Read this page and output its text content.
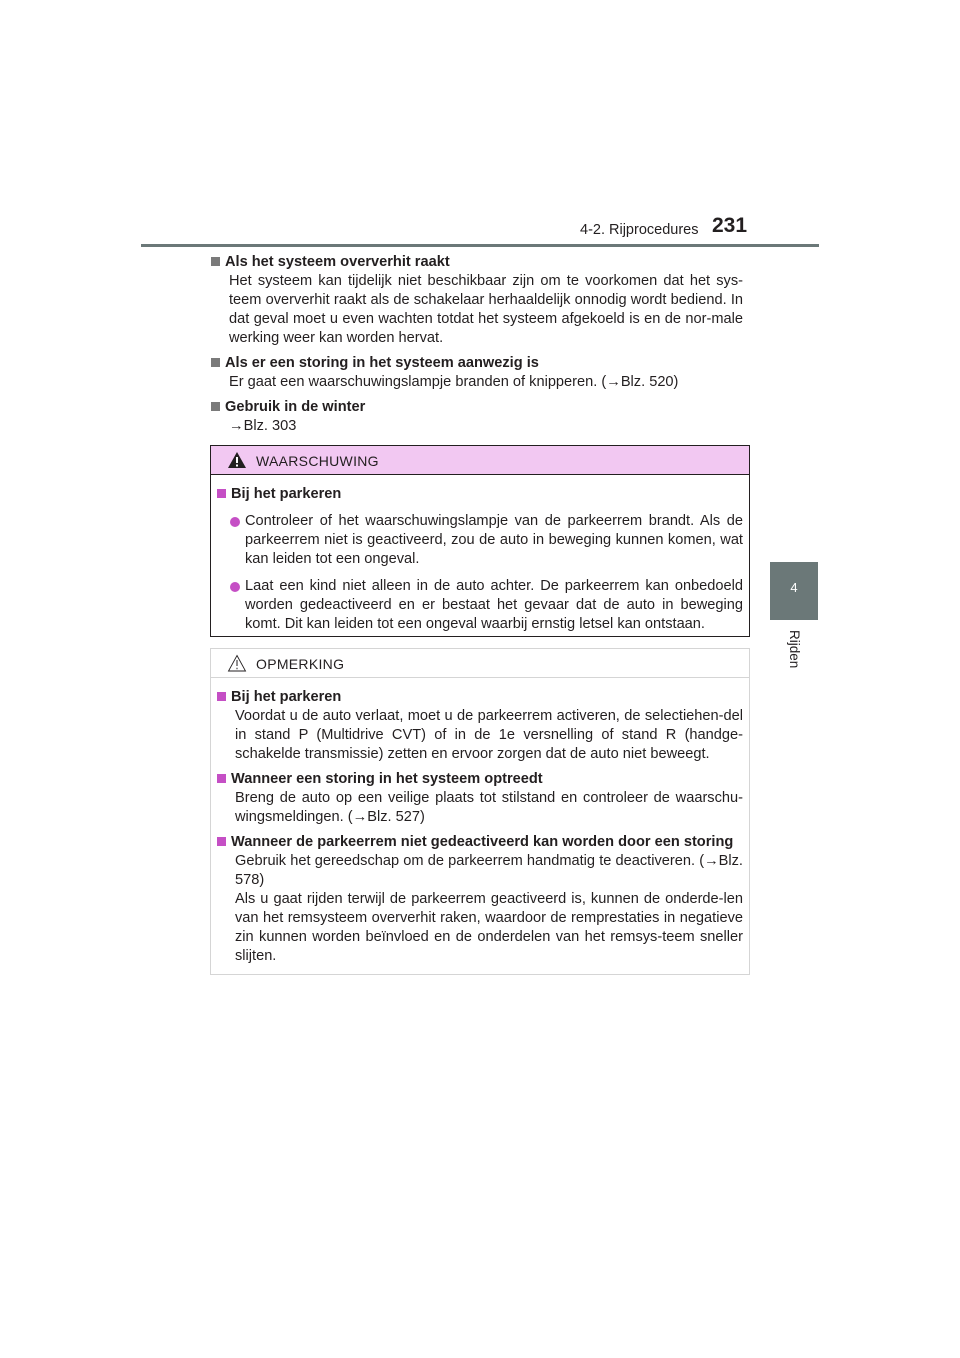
4-2. Rijprocedures 231
4
Rijden
Als het systeem oververhit raakt
Het systeem kan tijdelijk niet beschikbaar zijn om te voorkomen dat het sys-teem oververhit raakt als de schakelaar herhaaldelijk onnodig wordt bediend. In dat geval moet u even wachten totdat het systeem afgekoeld is en de nor-male werking weer kan worden hervat.
Als er een storing in het systeem aanwezig is
Er gaat een waarschuwingslampje branden of knipperen. (→Blz. 520)
Gebruik in de winter
→Blz. 303
WAARSCHUWING
Bij het parkeren
Controleer of het waarschuwingslampje van de parkeerrem brandt. Als de parkeerrem niet is geactiveerd, zou de auto in beweging kunnen komen, wat kan leiden tot een ongeval.
Laat een kind niet alleen in de auto achter. De parkeerrem kan onbedoeld worden gedeactiveerd en er bestaat het gevaar dat de auto in beweging komt. Dit kan leiden tot een ongeval waarbij ernstig letsel kan ontstaan.
OPMERKING
Bij het parkeren
Voordat u de auto verlaat, moet u de parkeerrem activeren, de selectiehen-del in stand P (Multidrive CVT) of in de 1e versnelling of stand R (handge-schakelde transmissie) zetten en ervoor zorgen dat de auto niet beweegt.
Wanneer een storing in het systeem optreedt
Breng de auto op een veilige plaats tot stilstand en controleer de waarschu-wingsmeldingen. (→Blz. 527)
Wanneer de parkeerrem niet gedeactiveerd kan worden door een storing
Gebruik het gereedschap om de parkeerrem handmatig te deactiveren. (→Blz. 578)
Als u gaat rijden terwijl de parkeerrem geactiveerd is, kunnen de onderde-len van het remsysteem oververhit raken, waardoor de remprestaties in negatieve zin kunnen worden beïnvloed en de onderdelen van het remsys-teem sneller slijten.
